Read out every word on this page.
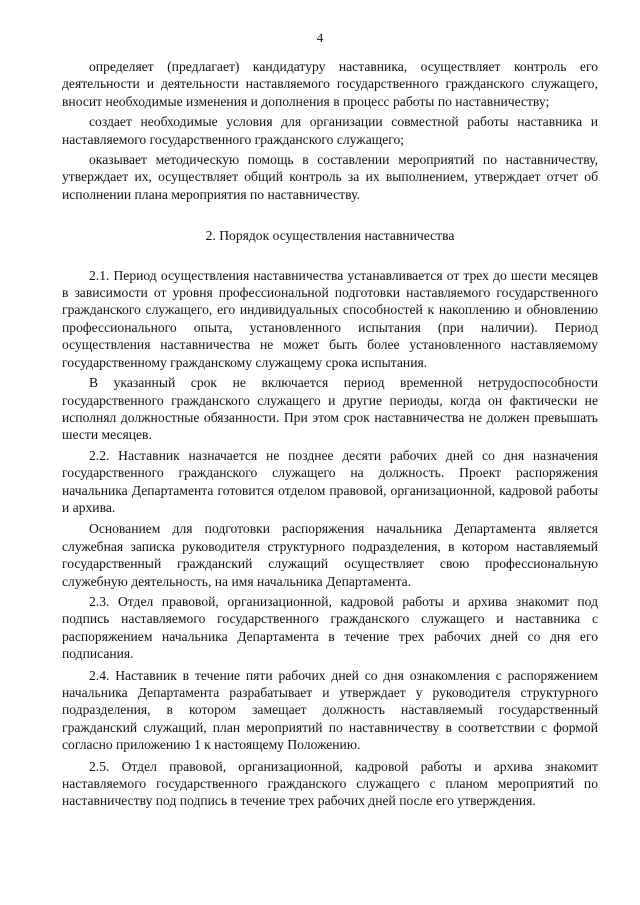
4

определяет (предлагает) кандидатуру наставника, осуществляет контроль его деятельности и деятельности наставляемого государственного гражданского служащего, вносит необходимые изменения и дополнения в процесс работы по наставничеству;

создает необходимые условия для организации совместной работы наставника и наставляемого государственного гражданского служащего;

оказывает методическую помощь в составлении мероприятий по наставничеству, утверждает их, осуществляет общий контроль за их выполнением, утверждает отчет об исполнении плана мероприятия по наставничеству.

2. Порядок осуществления наставничества

2.1. Период осуществления наставничества устанавливается от трех до шести месяцев в зависимости от уровня профессиональной подготовки наставляемого государственного гражданского служащего, его индивидуальных способностей к накоплению и обновлению профессионального опыта, установленного испытания (при наличии). Период осуществления наставничества не может быть более установленного наставляемому государственному гражданскому служащему срока испытания.

В указанный срок не включается период временной нетрудоспособности государственного гражданского служащего и другие периоды, когда он фактически не исполнял должностные обязанности. При этом срок наставничества не должен превышать шести месяцев.

2.2. Наставник назначается не позднее десяти рабочих дней со дня назначения государственного гражданского служащего на должность. Проект распоряжения начальника Департамента готовится отделом правовой, организационной, кадровой работы и архива.

Основанием для подготовки распоряжения начальника Департамента является служебная записка руководителя структурного подразделения, в котором наставляемый государственный гражданский служащий осуществляет свою профессиональную служебную деятельность, на имя начальника Департамента.

2.3. Отдел правовой, организационной, кадровой работы и архива знакомит под подпись наставляемого государственного гражданского служащего и наставника с распоряжением начальника Департамента в течение трех рабочих дней со дня его подписания.

2.4. Наставник в течение пяти рабочих дней со дня ознакомления с распоряжением начальника Департамента разрабатывает и утверждает у руководителя структурного подразделения, в котором замещает должность наставляемый государственный гражданский служащий, план мероприятий по наставничеству в соответствии с формой согласно приложению 1 к настоящему Положению.

2.5. Отдел правовой, организационной, кадровой работы и архива знакомит наставляемого государственного гражданского служащего с планом мероприятий по наставничеству под подпись в течение трех рабочих дней после его утверждения.
